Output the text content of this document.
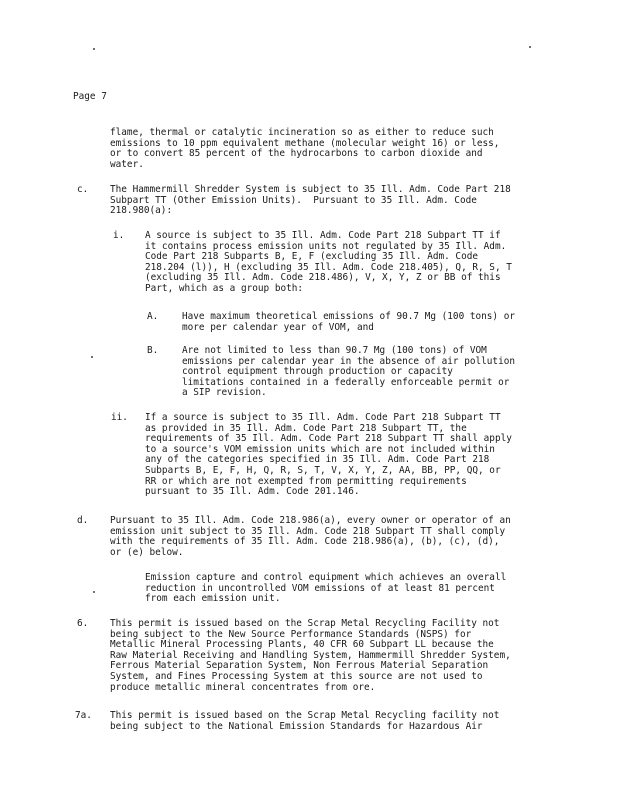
Page 7
flame, thermal or catalytic incineration so as either to reduce such
emissions to 10 ppm equivalent methane (molecular weight 16) or less,
or to convert 85 percent of the hydrocarbons to carbon dioxide and
water.
c. The Hammermill Shredder System is subject to 35 Ill. Adm. Code Part 218
Subpart TT (Other Emission Units).  Pursuant to 35 Ill. Adm. Code
218.980(a):
i. A source is subject to 35 Ill. Adm. Code Part 218 Subpart TT if
it contains process emission units not regulated by 35 Ill. Adm.
Code Part 218 Subparts B, E, F (excluding 35 Ill. Adm. Code
218.204 (l)), H (excluding 35 Ill. Adm. Code 218.405), Q, R, S, T
(excluding 35 Ill. Adm. Code 218.486), V, X, Y, Z or BB of this
Part, which as a group both:
A.	Have maximum theoretical emissions of 90.7 Mg (100 tons) or
more per calendar year of VOM, and
B.	Are not limited to less than 90.7 Mg (100 tons) of VOM
emissions per calendar year in the absence of air pollution
control equipment through production or capacity
limitations contained in a federally enforceable permit or
a SIP revision.
ii. If a source is subject to 35 Ill. Adm. Code Part 218 Subpart TT
as provided in 35 Ill. Adm. Code Part 218 Subpart TT, the
requirements of 35 Ill. Adm. Code Part 218 Subpart TT shall apply
to a source's VOM emission units which are not included within
any of the categories specified in 35 Ill. Adm. Code Part 218
Subparts B, E, F, H, Q, R, S, T, V, X, Y, Z, AA, BB, PP, QQ, or
RR or which are not exempted from permitting requirements
pursuant to 35 Ill. Adm. Code 201.146.
d. Pursuant to 35 Ill. Adm. Code 218.986(a), every owner or operator of an
emission unit subject to 35 Ill. Adm. Code 218 Subpart TT shall comply
with the requirements of 35 Ill. Adm. Code 218.986(a), (b), (c), (d),
or (e) below.
Emission capture and control equipment which achieves an overall
reduction in uncontrolled VOM emissions of at least 81 percent
from each emission unit.
6. This permit is issued based on the Scrap Metal Recycling Facility not
being subject to the New Source Performance Standards (NSPS) for
Metallic Mineral Processing Plants, 40 CFR 60 Subpart LL because the
Raw Material Receiving and Handling System, Hammermill Shredder System,
Ferrous Material Separation System, Non Ferrous Material Separation
System, and Fines Processing System at this source are not used to
produce metallic mineral concentrates from ore.
7a. This permit is issued based on the Scrap Metal Recycling facility not
being subject to the National Emission Standards for Hazardous Air
